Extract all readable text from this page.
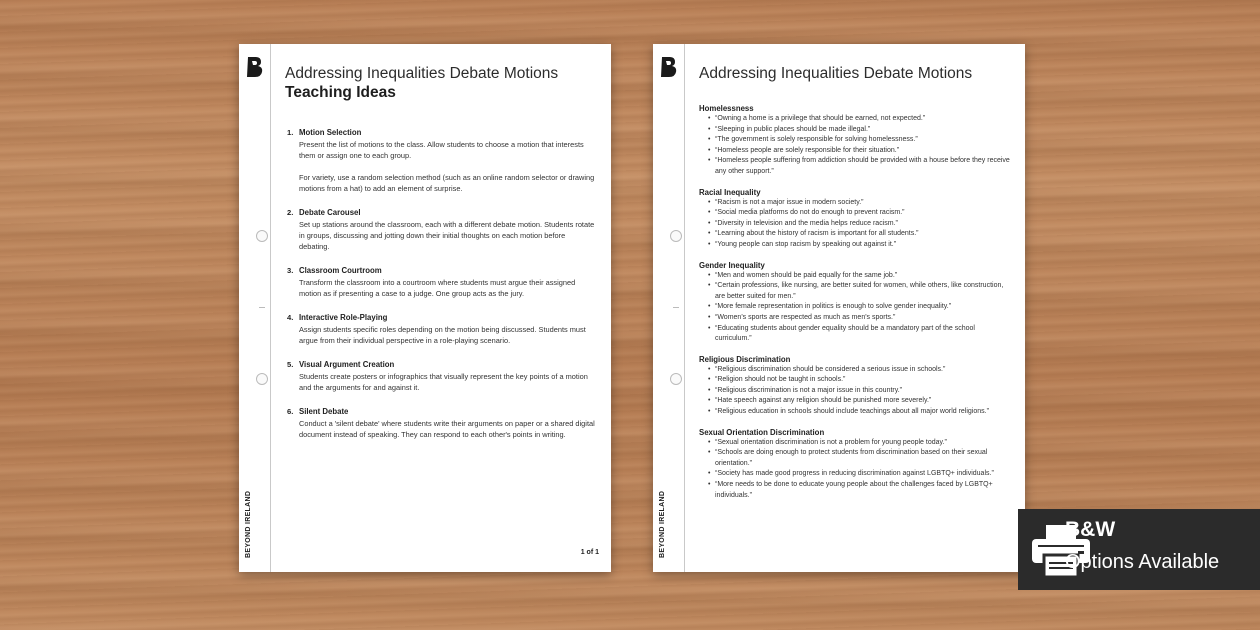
BEYOND IRELAND
Addressing Inequalities Debate Motions
Teaching Ideas
1. Motion Selection
Present the list of motions to the class. Allow students to choose a motion that interests them or assign one to each group.
For variety, use a random selection method (such as an online random selector or drawing motions from a hat) to add an element of surprise.
2. Debate Carousel
Set up stations around the classroom, each with a different debate motion. Students rotate in groups, discussing and jotting down their initial thoughts on each motion before debating.
3. Classroom Courtroom
Transform the classroom into a courtroom where students must argue their assigned motion as if presenting a case to a judge. One group acts as the jury.
4. Interactive Role-Playing
Assign students specific roles depending on the motion being discussed. Students must argue from their individual perspective in a role-playing scenario.
5. Visual Argument Creation
Students create posters or infographics that visually represent the key points of a motion and the arguments for and against it.
6. Silent Debate
Conduct a 'silent debate' where students write their arguments on paper or a shared digital document instead of speaking. They can respond to each other's points in writing.
1 of 1	BEYOND IRELAND
Addressing Inequalities Debate Motions
Homelessness
• “Owning a home is a privilege that should be earned, not expected.”
• “Sleeping in public places should be made illegal.”
• “The government is solely responsible for solving homelessness.”
• “Homeless people are solely responsible for their situation.”
• “Homeless people suffering from addiction should be provided with a house before they receive any other support.”
Racial Inequality
• “Racism is not a major issue in modern society.”
• “Social media platforms do not do enough to prevent racism.”
• “Diversity in television and the media helps reduce racism.”
• “Learning about the history of racism is important for all students.”
• “Young people can stop racism by speaking out against it.”
Gender Inequality
• “Men and women should be paid equally for the same job.”
• “Certain professions, like nursing, are better suited for women, while others, like construction, are better suited for men.”
• “More female representation in politics is enough to solve gender inequality.”
• “Women's sports are respected as much as men's sports.”
• “Educating students about gender equality should be a mandatory part of the school curriculum.”
Religious Discrimination
• “Religious discrimination should be considered a serious issue in schools.”
• “Religion should not be taught in schools.”
• “Religious discrimination is not a major issue in this country.”
• “Hate speech against any religion should be punished more severely.”
• “Religious education in schools should include teachings about all major world religions.”
Sexual Orientation Discrimination
• “Sexual orientation discrimination is not a problem for young people today.”
• “Schools are doing enough to protect students from discrimination based on their sexual orientation.”
• “Society has made good progress in reducing discrimination against LGBTQ+ individuals.”
• “More needs to be done to educate young people about the challenges faced by LGBTQ+ individuals.”
B&W
Options Available
